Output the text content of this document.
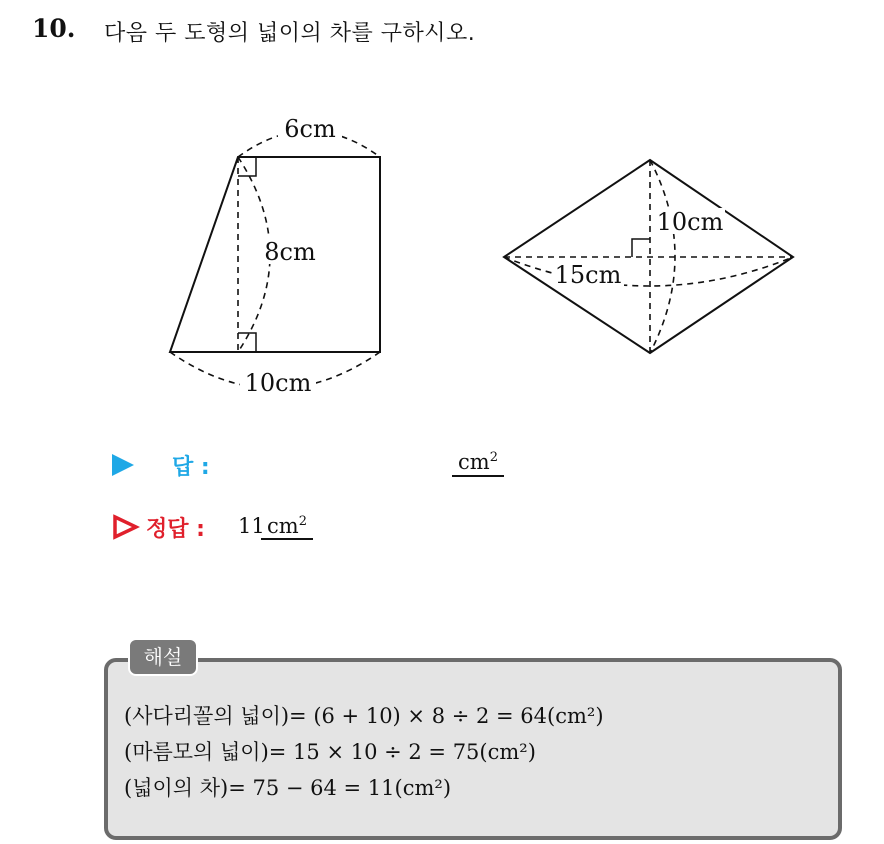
10. 다음 두 도형의 넓이의 차를 구하시오.
6cm
8cm
10cm
10cm
15cm
답 :	$cm^2$
정답 : 11 $cm^2$
해설
(사다리꼴의 넓이)= (6 + 10) × 8 ÷ 2 = 64(cm²)
(마름모의 넓이)= 15 × 10 ÷ 2 = 75(cm²)
(넓이의 차)= 75 − 64 = 11(cm²)
